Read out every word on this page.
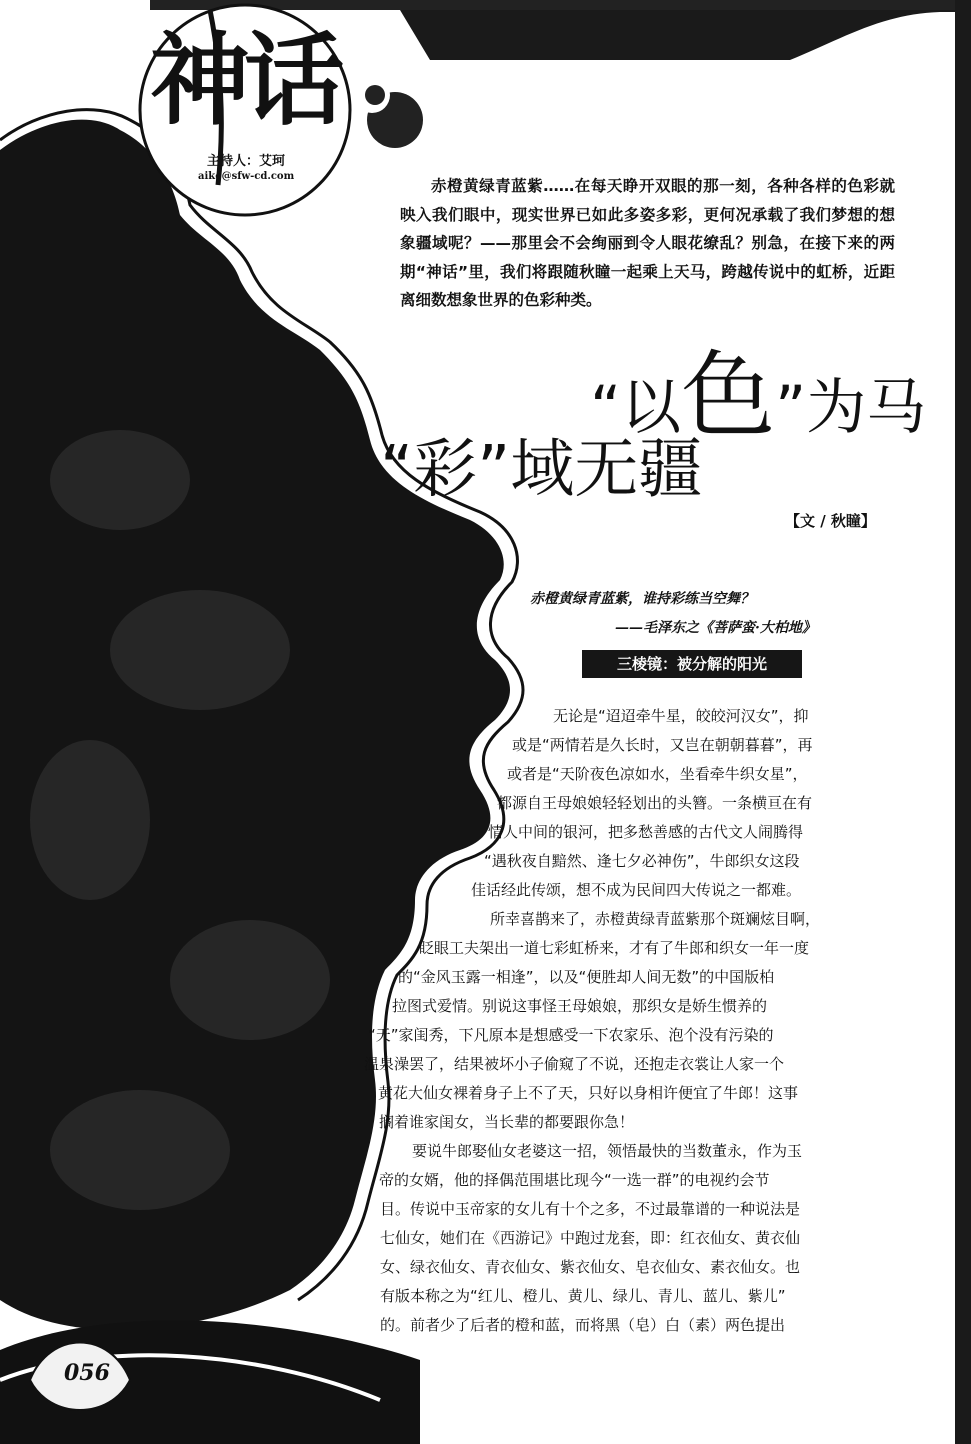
神话
主持人：艾珂
aike@sfw-cd.com

赤橙黄绿青蓝紫……在每天睁开双眼的那一刻，各种各样的色彩就映入我们眼中，现实世界已如此多姿多彩，更何况承载了我们梦想的想象疆域呢？——那里会不会绚丽到令人眼花缭乱？别急，在接下来的两期“神话”里，我们将跟随秋瞳一起乘上天马，跨越传说中的虹桥，近距离细数想象世界的色彩种类。

“以色”为马
“彩”域无疆
【文 / 秋瞳】
赤橙黄绿青蓝紫，谁持彩练当空舞？
——毛泽东之《菩萨蛮·大柏地》
三棱镜：被分解的阳光
无论是“迢迢牵牛星，皎皎河汉女”，抑
或是“两情若是久长时，又岂在朝朝暮暮”，再
或者是“天阶夜色凉如水，坐看牵牛织女星”，
都源自王母娘娘轻轻划出的头簪。一条横亘在有
情人中间的银河，把多愁善感的古代文人闹腾得
“遇秋夜自黯然、逢七夕必神伤”，牛郎织女这段
佳话经此传颂，想不成为民间四大传说之一都难。
所幸喜鹊来了，赤橙黄绿青蓝紫那个斑斓炫目啊，
眨眼工夫架出一道七彩虹桥来，才有了牛郎和织女一年一度
的“金风玉露一相逢”，以及“便胜却人间无数”的中国版柏
拉图式爱情。别说这事怪王母娘娘，那织女是娇生惯养的
“天”家闺秀，下凡原本是想感受一下农家乐、泡个没有污染的
温泉澡罢了，结果被坏小子偷窥了不说，还抱走衣裳让人家一个
黄花大仙女裸着身子上不了天，只好以身相许便宜了牛郎！这事
搁着谁家闺女，当长辈的都要跟你急！
要说牛郎娶仙女老婆这一招，领悟最快的当数董永，作为玉
帝的女婿，他的择偶范围堪比现今“一选一群”的电视约会节
目。传说中玉帝家的女儿有十个之多，不过最靠谱的一种说法是
七仙女，她们在《西游记》中跑过龙套，即：红衣仙女、黄衣仙
女、绿衣仙女、青衣仙女、紫衣仙女、皂衣仙女、素衣仙女。也
有版本称之为“红儿、橙儿、黄儿、绿儿、青儿、蓝儿、紫儿”
的。前者少了后者的橙和蓝，而将黑（皂）白（素）两色提出
056
